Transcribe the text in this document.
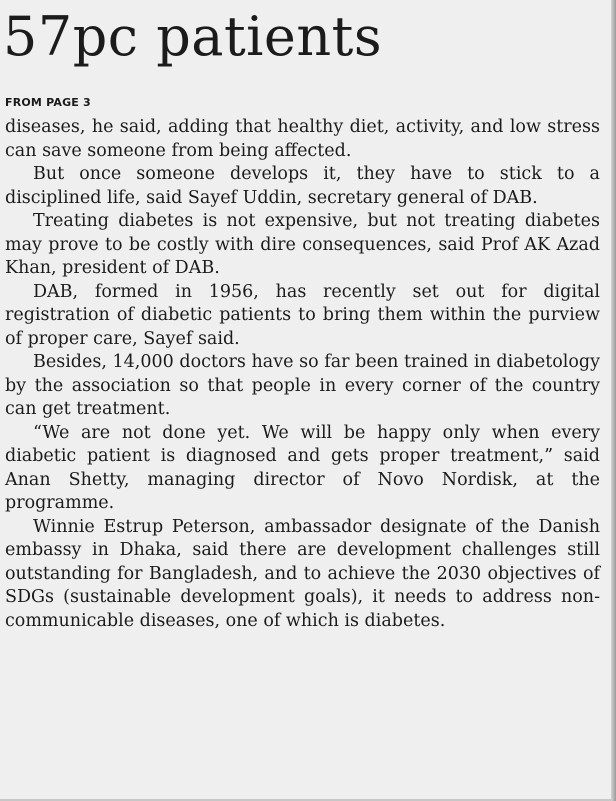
57pc patients
FROM PAGE 3

diseases, he said, adding that healthy diet, activity, and low stress can save someone from being affected.

But once someone develops it, they have to stick to a disciplined life, said Sayef Uddin, secretary general of DAB.

Treating diabetes is not expensive, but not treating diabetes may prove to be costly with dire consequences, said Prof AK Azad Khan, president of DAB.

DAB, formed in 1956, has recently set out for digital registration of diabetic patients to bring them within the purview of proper care, Sayef said.

Besides, 14,000 doctors have so far been trained in diabetology by the association so that people in every corner of the country can get treatment.

“We are not done yet. We will be happy only when every diabetic patient is diagnosed and gets proper treatment,” said Anan Shetty, managing director of Novo Nordisk, at the programme.

Winnie Estrup Peterson, ambassador designate of the Danish embassy in Dhaka, said there are development challenges still outstanding for Bangladesh, and to achieve the 2030 objectives of SDGs (sustainable development goals), it needs to address non-communicable diseases, one of which is diabetes.
